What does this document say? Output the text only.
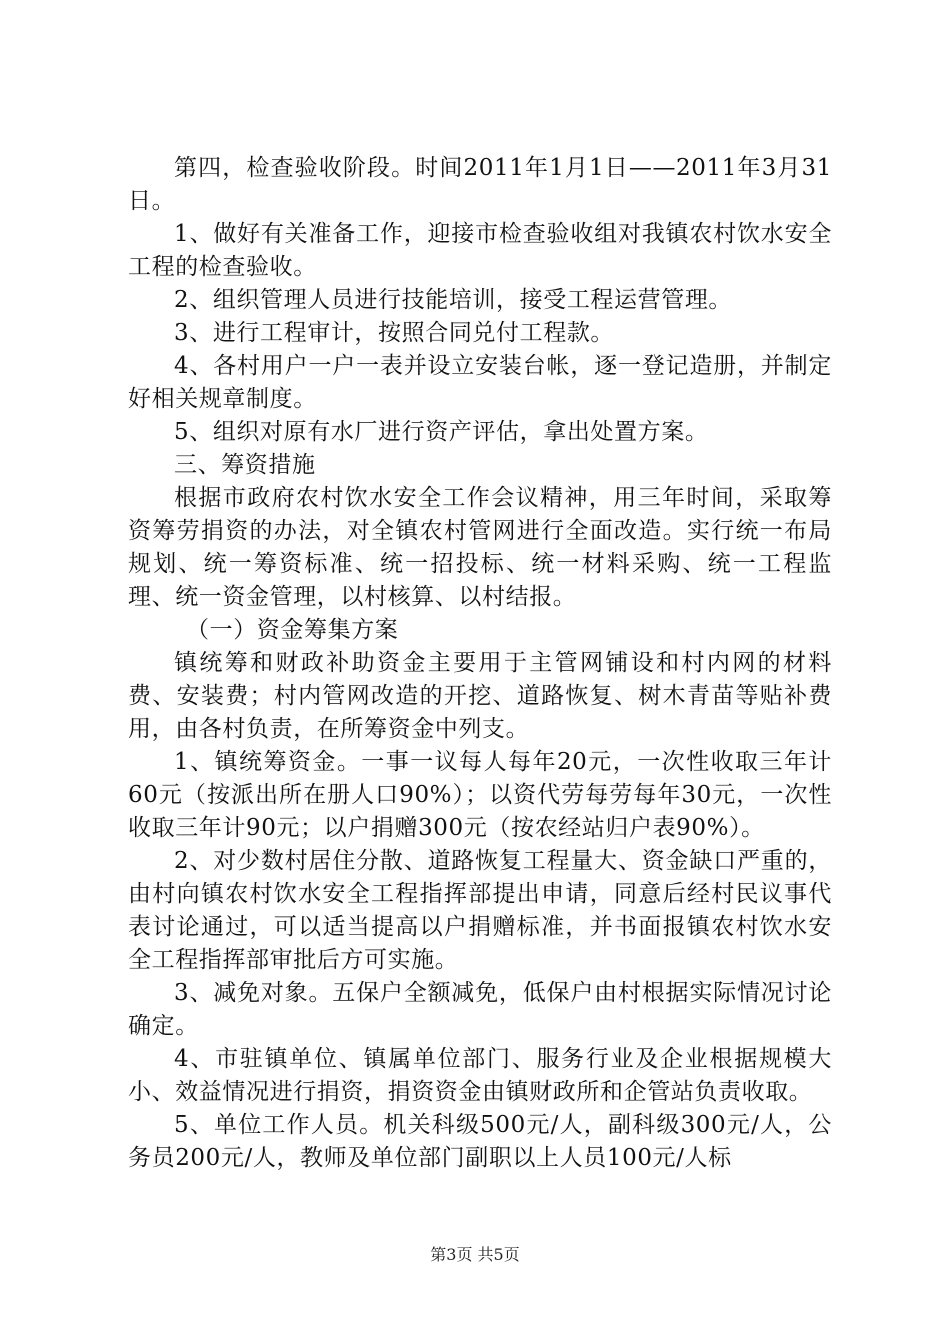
第四，检查验收阶段。时间2011年1月1日——2011年3月31日。

1、做好有关准备工作，迎接市检查验收组对我镇农村饮水安全工程的检查验收。

2、组织管理人员进行技能培训，接受工程运营管理。

3、进行工程审计，按照合同兑付工程款。

4、各村用户一户一表并设立安装台帐，逐一登记造册，并制定好相关规章制度。

5、组织对原有水厂进行资产评估，拿出处置方案。

三、筹资措施

根据市政府农村饮水安全工作会议精神，用三年时间，采取筹资筹劳捐资的办法，对全镇农村管网进行全面改造。实行统一布局规划、统一筹资标准、统一招投标、统一材料采购、统一工程监理、统一资金管理，以村核算、以村结报。

（一）资金筹集方案

镇统筹和财政补助资金主要用于主管网铺设和村内网的材料费、安装费；村内管网改造的开挖、道路恢复、树木青苗等贴补费用，由各村负责，在所筹资金中列支。

1、镇统筹资金。一事一议每人每年20元，一次性收取三年计60元（按派出所在册人口90%）；以资代劳每劳每年30元，一次性收取三年计90元；以户捐赠300元（按农经站归户表90%）。

2、对少数村居住分散、道路恢复工程量大、资金缺口严重的，由村向镇农村饮水安全工程指挥部提出申请，同意后经村民议事代表讨论通过，可以适当提高以户捐赠标准，并书面报镇农村饮水安全工程指挥部审批后方可实施。

3、减免对象。五保户全额减免，低保户由村根据实际情况讨论确定。

4、市驻镇单位、镇属单位部门、服务行业及企业根据规模大小、效益情况进行捐资，捐资资金由镇财政所和企管站负责收取。

5、单位工作人员。机关科级500元/人，副科级300元/人，公务员200元/人，教师及单位部门副职以上人员100元/人标

第3页 共5页
